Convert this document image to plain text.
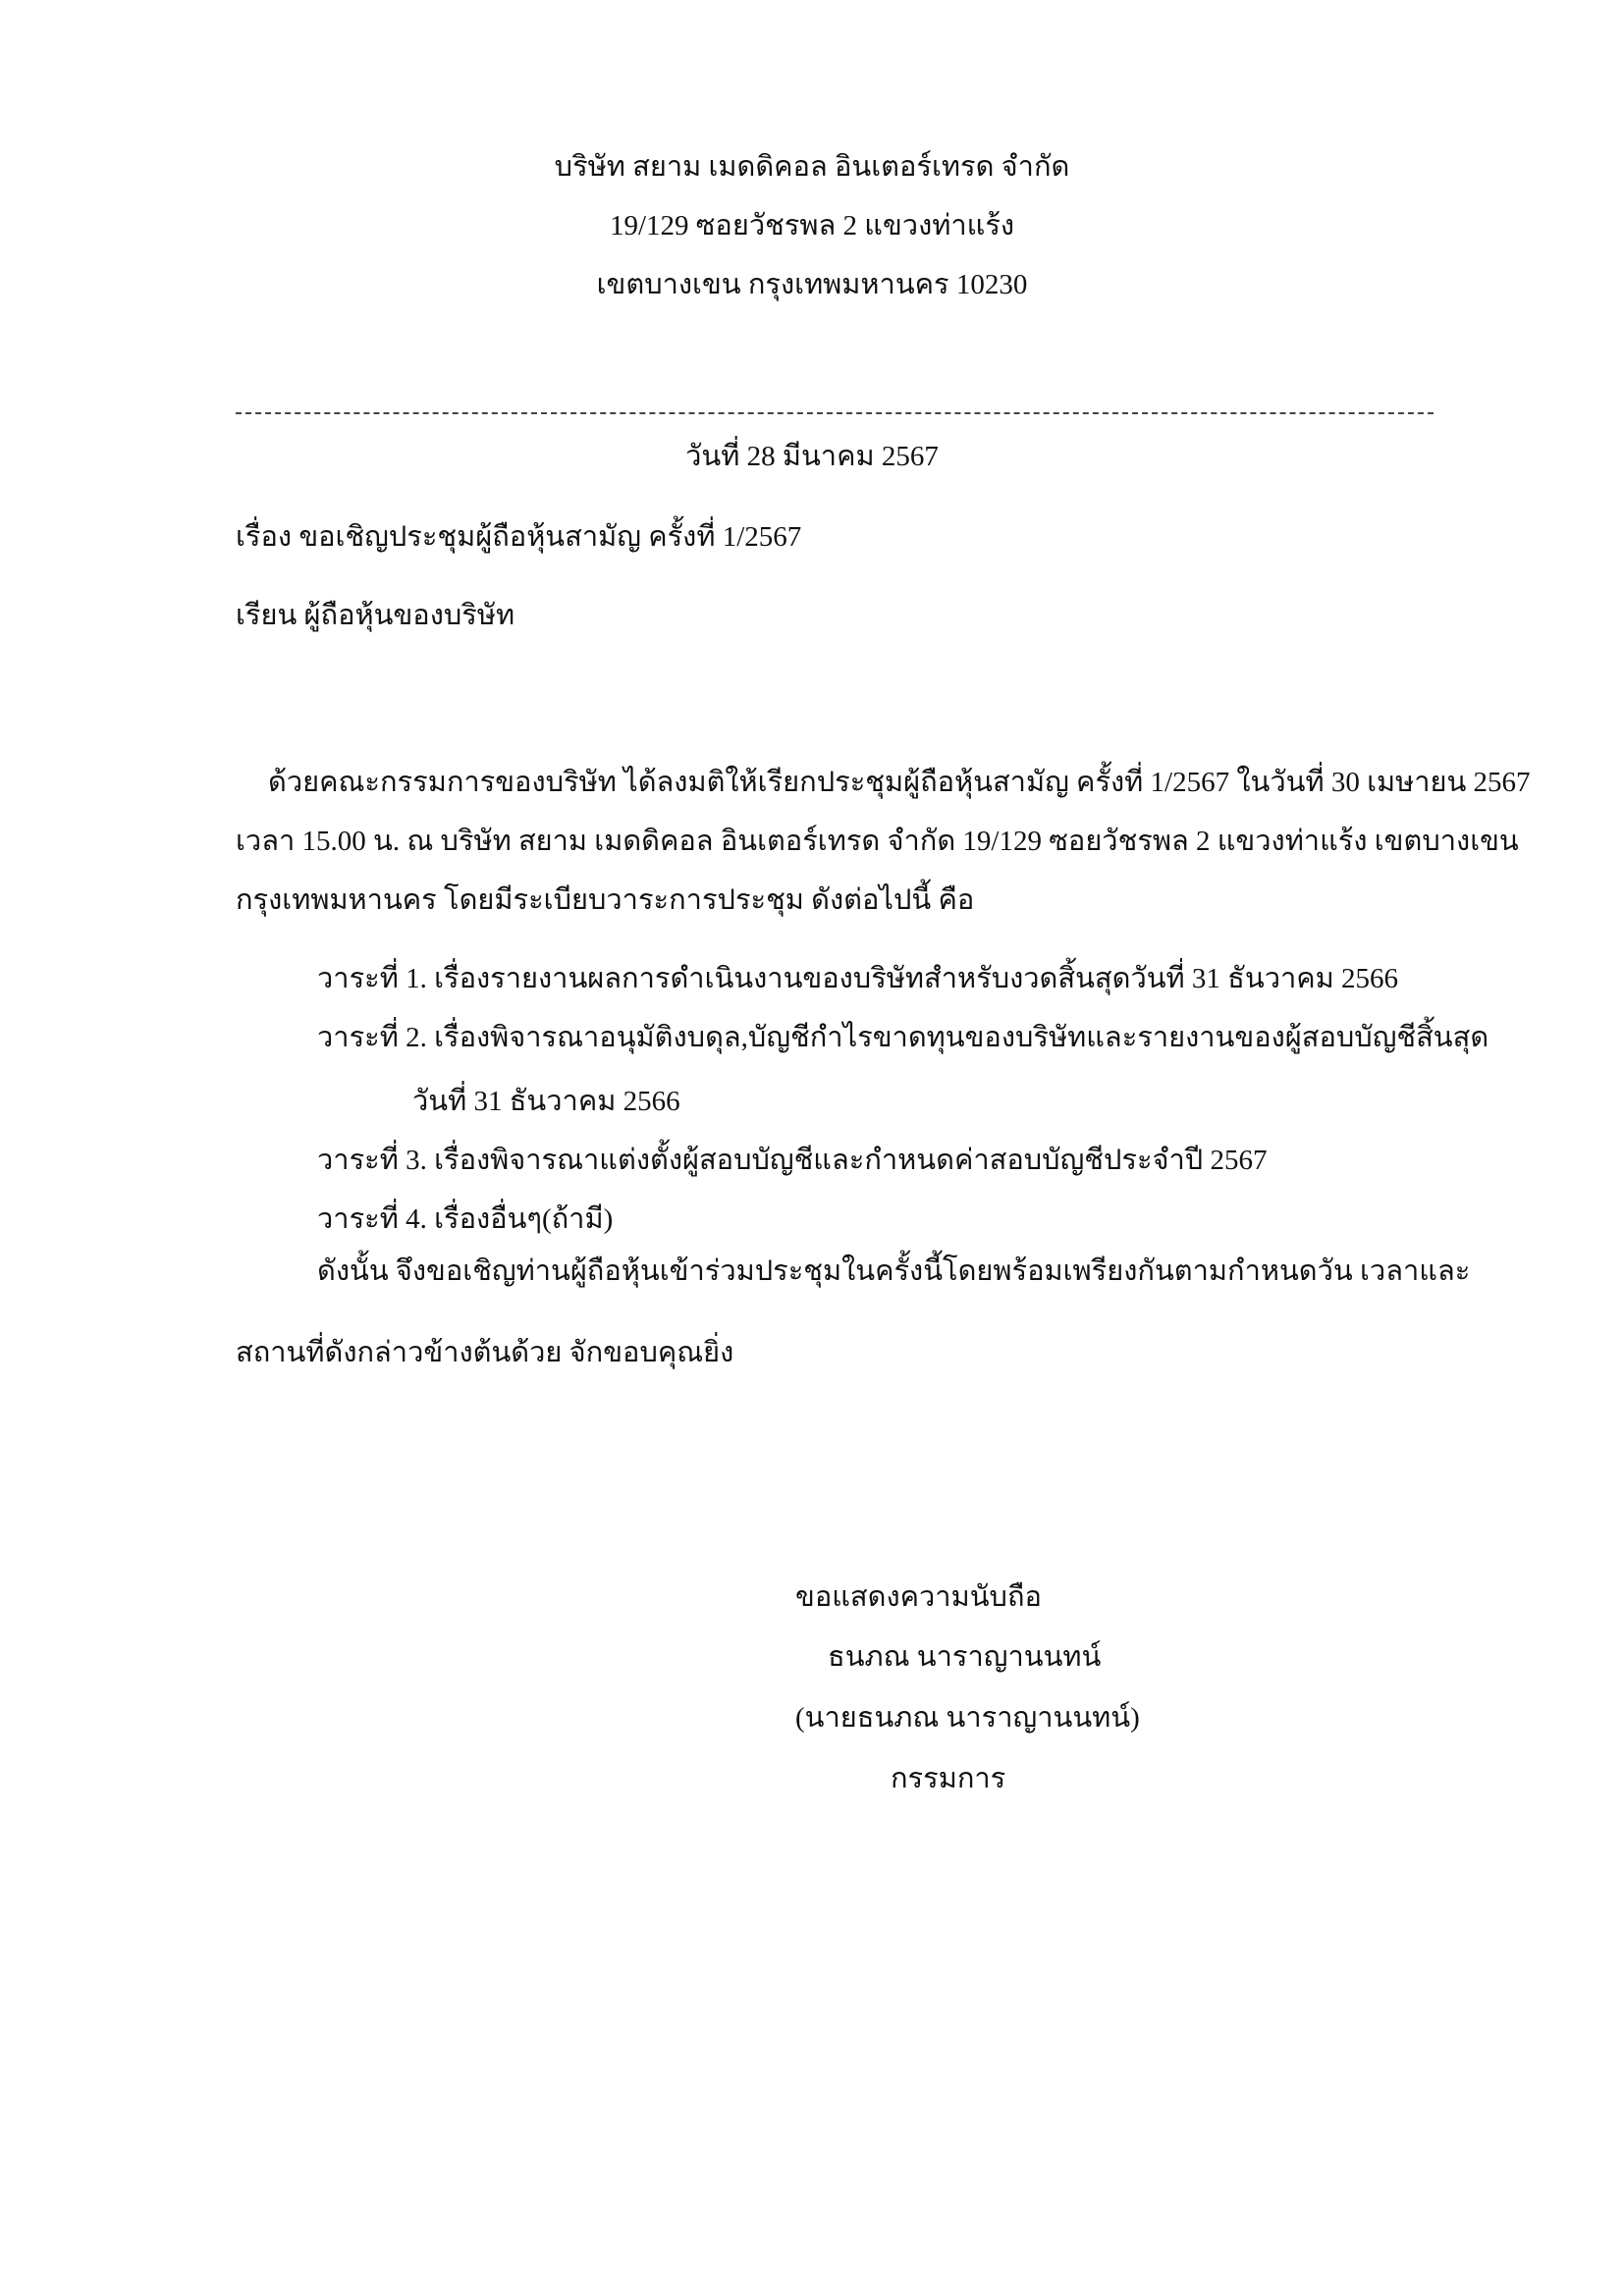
บริษัท สยาม เมดดิคอล อินเตอร์เทรด จำกัด
19/129 ซอยวัชรพล 2 แขวงท่าแร้ง
เขตบางเขน กรุงเทพมหานคร 10230
วันที่ 28 มีนาคม 2567
เรื่อง ขอเชิญประชุมผู้ถือหุ้นสามัญ ครั้งที่ 1/2567
เรียน ผู้ถือหุ้นของบริษัท
ด้วยคณะกรรมการของบริษัท ได้ลงมติให้เรียกประชุมผู้ถือหุ้นสามัญ ครั้งที่ 1/2567 ในวันที่ 30 เมษายน 2567
เวลา 15.00 น. ณ บริษัท สยาม เมดดิคอล อินเตอร์เทรด จำกัด 19/129 ซอยวัชรพล 2 แขวงท่าแร้ง เขตบางเขน
กรุงเทพมหานคร โดยมีระเบียบวาระการประชุม ดังต่อไปนี้ คือ
วาระที่ 1. เรื่องรายงานผลการดำเนินงานของบริษัทสำหรับงวดสิ้นสุดวันที่ 31 ธันวาคม 2566
วาระที่ 2. เรื่องพิจารณาอนุมัติงบดุล,บัญชีกำไรขาดทุนของบริษัทและรายงานของผู้สอบบัญชีสิ้นสุด
วันที่ 31 ธันวาคม 2566
วาระที่ 3. เรื่องพิจารณาแต่งตั้งผู้สอบบัญชีและกำหนดค่าสอบบัญชีประจำปี 2567
วาระที่ 4. เรื่องอื่นๆ(ถ้ามี)
ดังนั้น จึงขอเชิญท่านผู้ถือหุ้นเข้าร่วมประชุมในครั้งนี้โดยพร้อมเพรียงกันตามกำหนดวัน เวลาและ
สถานที่ดังกล่าวข้างต้นด้วย จักขอบคุณยิ่ง
ขอแสดงความนับถือ
ธนภณ นาราญานนทน์
(นายธนภณ นาราญานนทน์)
กรรมการ
